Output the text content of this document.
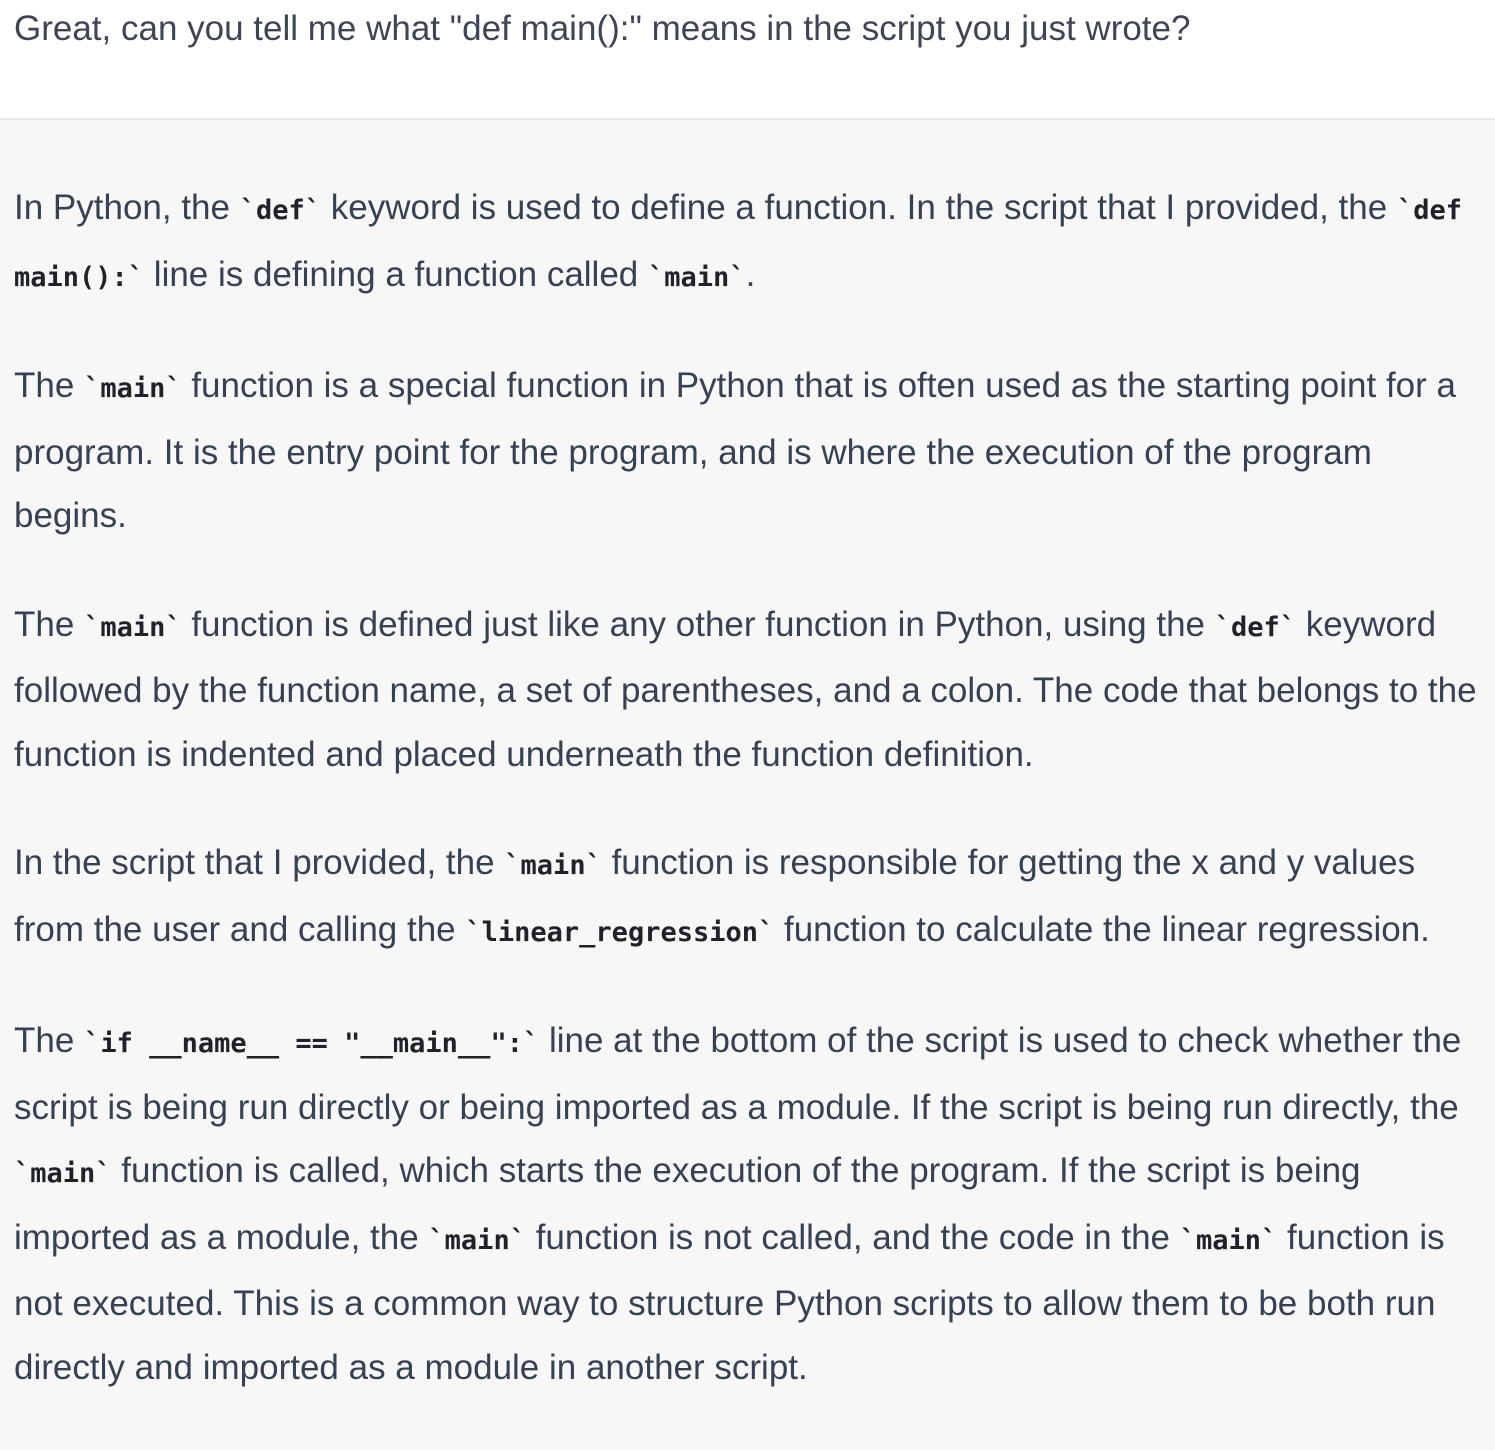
Great, can you tell me what "def main():" means in the script you just wrote?

In Python, the `def` keyword is used to define a function. In the script that I provided, the `def main():` line is defining a function called `main`.

The `main` function is a special function in Python that is often used as the starting point for a program. It is the entry point for the program, and is where the execution of the program begins.

The `main` function is defined just like any other function in Python, using the `def` keyword followed by the function name, a set of parentheses, and a colon. The code that belongs to the function is indented and placed underneath the function definition.

In the script that I provided, the `main` function is responsible for getting the x and y values from the user and calling the `linear_regression` function to calculate the linear regression.

The `if __name__ == "__main__":` line at the bottom of the script is used to check whether the script is being run directly or being imported as a module. If the script is being run directly, the `main` function is called, which starts the execution of the program. If the script is being imported as a module, the `main` function is not called, and the code in the `main` function is not executed. This is a common way to structure Python scripts to allow them to be both run directly and imported as a module in another script.
